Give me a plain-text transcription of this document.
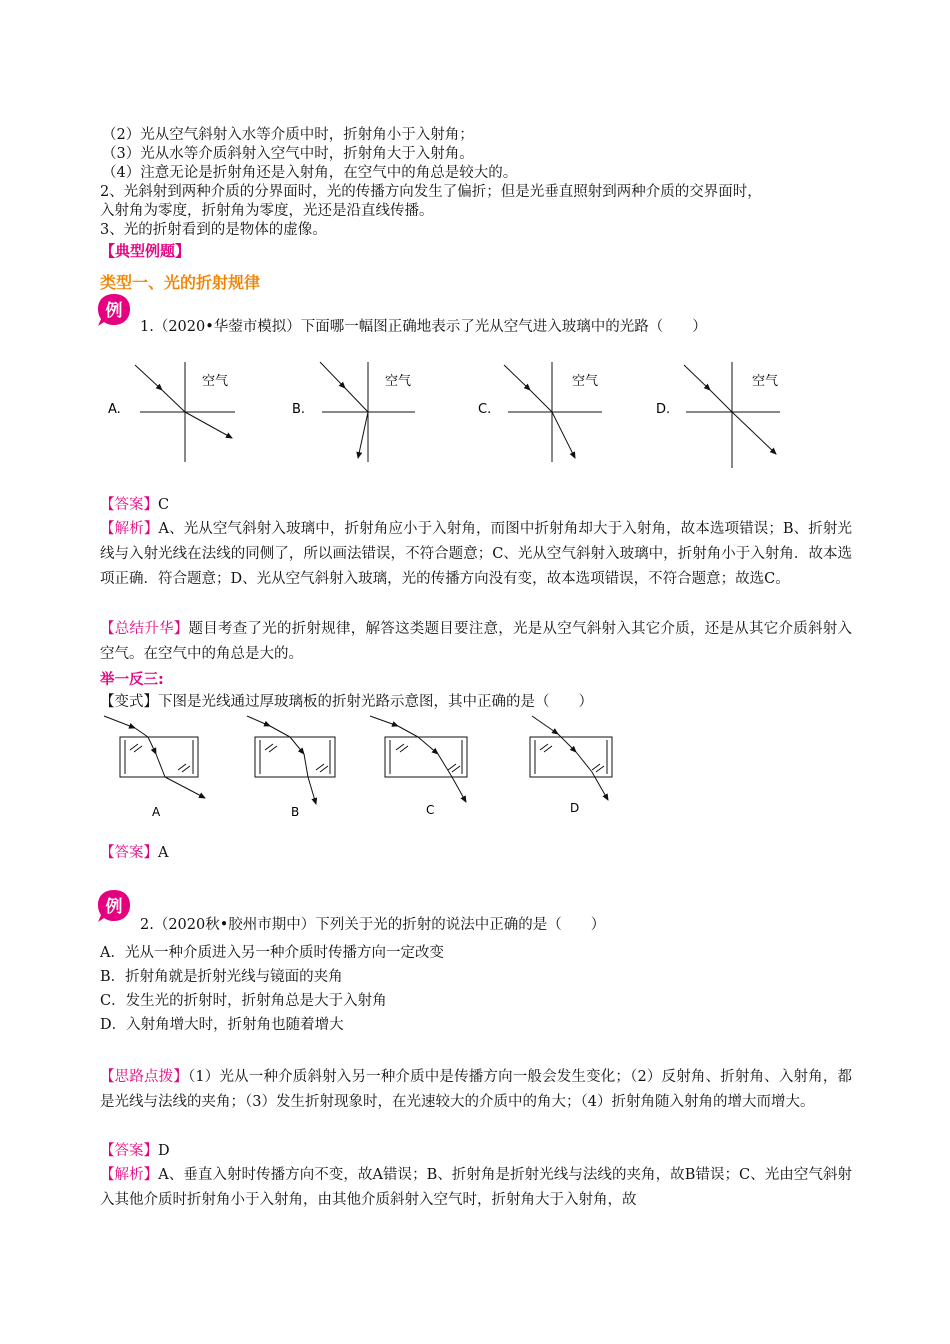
（2）光从空气斜射入水等介质中时，折射角小于入射角；
（3）光从水等介质斜射入空气中时，折射角大于入射角。
（4）注意无论是折射角还是入射角，在空气中的角总是较大的。
2、光斜射到两种介质的分界面时，光的传播方向发生了偏折；但是光垂直照射到两种介质的交界面时，
入射角为零度，折射角为零度，光还是沿直线传播。
3、光的折射看到的是物体的虚像。
【典型例题】
类型一、光的折射规律
例
1.（2020•华蓥市模拟）下面哪一幅图正确地表示了光从空气进入玻璃中的光路（　　）
A.
空气
B.
空气
C.
空气
D.
空气
【答案】C
【解析】A、光从空气斜射入玻璃中，折射角应小于入射角，而图中折射角却大于入射角，故本选项错误；B、折射光线与入射光线在法线的同侧了，所以画法错误，不符合题意；C、光从空气斜射入玻璃中，折射角小于入射角．故本选项正确．符合题意；D、光从空气斜射入玻璃，光的传播方向没有变，故本选项错误，不符合题意；故选C。
【总结升华】题目考查了光的折射规律，解答这类题目要注意，光是从空气斜射入其它介质，还是从其它介质斜射入空气。在空气中的角总是大的。
举一反三:
【变式】下图是光线通过厚玻璃板的折射光路示意图，其中正确的是（　　）
A	B	C	D
【答案】A
例
2.（2020秋•胶州市期中）下列关于光的折射的说法中正确的是（　　）
A．光从一种介质进入另一种介质时传播方向一定改变
B．折射角就是折射光线与镜面的夹角
C．发生光的折射时，折射角总是大于入射角
D．入射角增大时，折射角也随着增大
【思路点拨】（1）光从一种介质斜射入另一种介质中是传播方向一般会发生变化；（2）反射角、折射角、入射角，都是光线与法线的夹角；（3）发生折射现象时，在光速较大的介质中的角大；（4）折射角随入射角的增大而增大。
【答案】D
【解析】A、垂直入射时传播方向不变，故A错误；B、折射角是折射光线与法线的夹角，故B错误；C、光由空气斜射入其他介质时折射角小于入射角，由其他介质斜射入空气时，折射角大于入射角，故
